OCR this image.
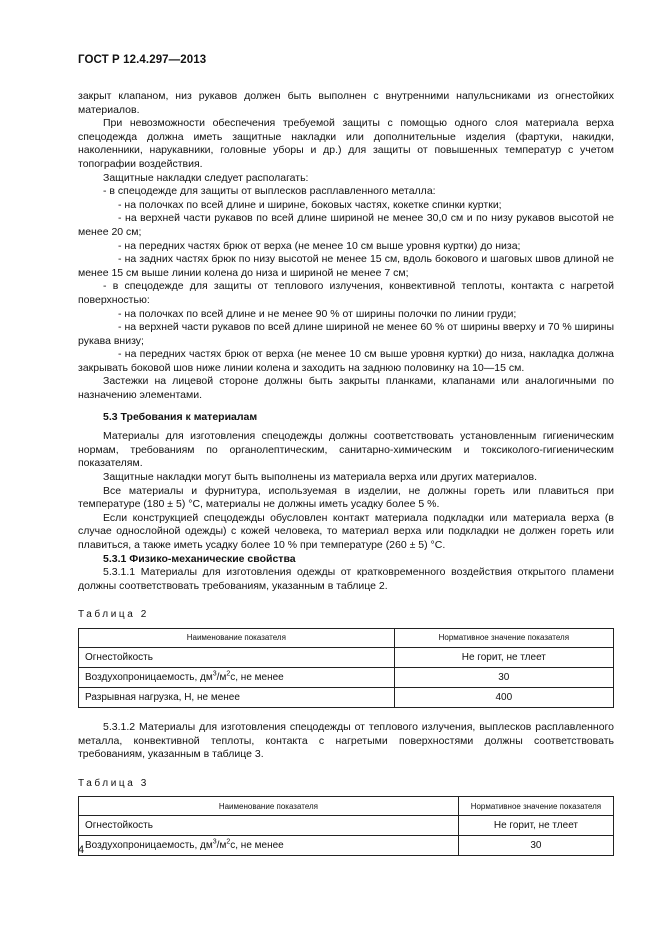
ГОСТ Р 12.4.297—2013

закрыт клапаном, низ рукавов должен быть выполнен с внутренними напульсниками из огнестойких материалов.

При невозможности обеспечения требуемой защиты с помощью одного слоя материала верха спецодежда должна иметь защитные накладки или дополнительные изделия (фартуки, накидки, наколенники, нарукавники, головные уборы и др.) для защиты от повышенных температур с учетом топографии воздействия.

Защитные накладки следует располагать:

- в спецодежде для защиты от выплесков расплавленного металла:

- на полочках по всей длине и ширине, боковых частях, кокетке спинки куртки;

- на верхней части рукавов по всей длине шириной не менее 30,0 см и по низу рукавов высотой не менее 20 см;

- на передних частях брюк от верха (не менее 10 см выше уровня куртки) до низа;

- на задних частях брюк по низу высотой не менее 15 см, вдоль бокового и шаговых швов длиной не менее 15 см выше линии колена до низа и шириной не менее 7 см;

- в спецодежде для защиты от теплового излучения, конвективной теплоты, контакта с нагретой поверхностью:

- на полочках по всей длине и не менее 90 % от ширины полочки по линии груди;

- на верхней части рукавов по всей длине шириной не менее 60 % от ширины вверху и 70 % ширины рукава внизу;

- на передних частях брюк от верха (не менее 10 см выше уровня куртки) до низа, накладка должна закрывать боковой шов ниже линии колена и заходить на заднюю половинку на 10—15 см.

Застежки на лицевой стороне должны быть закрыты планками, клапанами или аналогичными по назначению элементами.

5.3 Требования к материалам

Материалы для изготовления спецодежды должны соответствовать установленным гигиеническим нормам, требованиям по органолептическим, санитарно-химическим и токсиколого-гигиеническим показателям.

Защитные накладки могут быть выполнены из материала верха или других материалов.

Все материалы и фурнитура, используемая в изделии, не должны гореть или плавиться при температуре (180 ± 5) °С, материалы не должны иметь усадку более 5 %.

Если конструкцией спецодежды обусловлен контакт материала подкладки или материала верха (в случае однослойной одежды) с кожей человека, то материал верха или подкладки не должен гореть или плавиться, а также иметь усадку более 10 % при температуре (260 ± 5) °С.

5.3.1 Физико-механические свойства

5.3.1.1 Материалы для изготовления одежды от кратковременного воздействия открытого пламени должны соответствовать требованиям, указанным в таблице 2.

Таблица 2

Наименование показателя	Нормативное значение показателя
Огнестойкость	Не горит, не тлеет
Воздухопроницаемость, $дм^3/м^2с$, не менее	30
Разрывная нагрузка, Н, не менее	400

5.3.1.2 Материалы для изготовления спецодежды от теплового излучения, выплесков расплавленного металла, конвективной теплоты, контакта с нагретыми поверхностями должны соответствовать требованиям, указанным в таблице 3.

Таблица 3

Наименование показателя	Нормативное значение показателя
Огнестойкость	Не горит, не тлеет
Воздухопроницаемость, $дм^3/м^2с$, не менее	30
4
